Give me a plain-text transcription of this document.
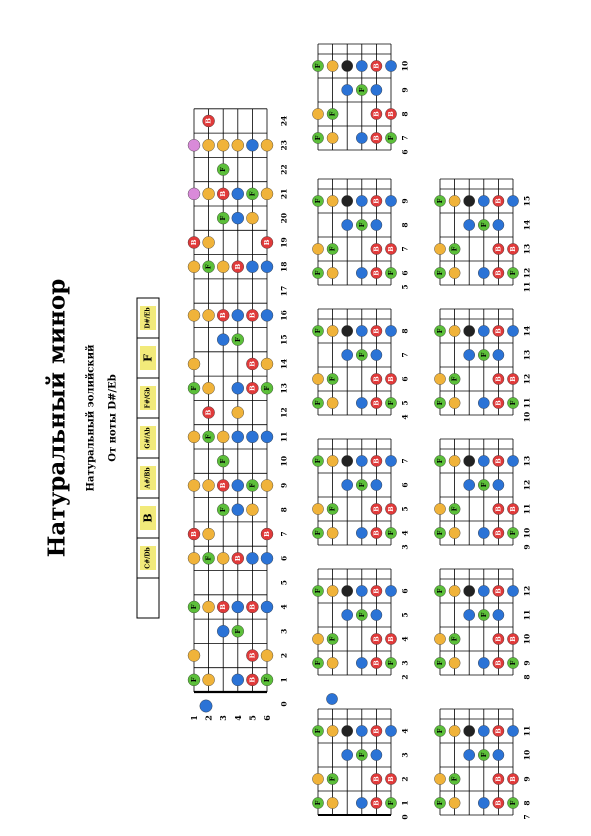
Натуральный минор Натуральный эолийский От ноты D#/Eb
D#/Eb
F
F#/Gb
G#/Ab
A#/Bb
B
C#/Db
1 2 3 4 5 6
0
1
2
3
4
5
6
7
8
9
10
11
12
13
14
15
16
17
18
19
20
21
22
23
24
F	B F
B
F
F	B	B
F	B
B	B
F
B	F
F
F
B
F	B F
B
F
B	B
F	B
B	B
F
B	F
F
B
0
1
2
3
4
F	B F
F	B B
F
F	B
2
3
4
5
6
F	B F
F	B B
F
F	B
3
4
5
6
7
F	B F
F	B B
F
F	B
4
5
6
7
8
F	B F
F	B B
F
F	B
5
6
7
8
9
F	B F
F	B B
F
F	B
6
7
8
9
10
F	B F
F	B B
F
F	B
7
8
9
10
11
F	B F
F	B B
F
F	B
8
9
10
11
12
F	B F
F	B B
F
F	B
9
10
11
12
13
F	B F
F	B B
F
F	B
10
11
12
13
14
F	B F
F	B B
F
F	B
11
12
13
14
15
F	B F
F	B B
F
F	B
